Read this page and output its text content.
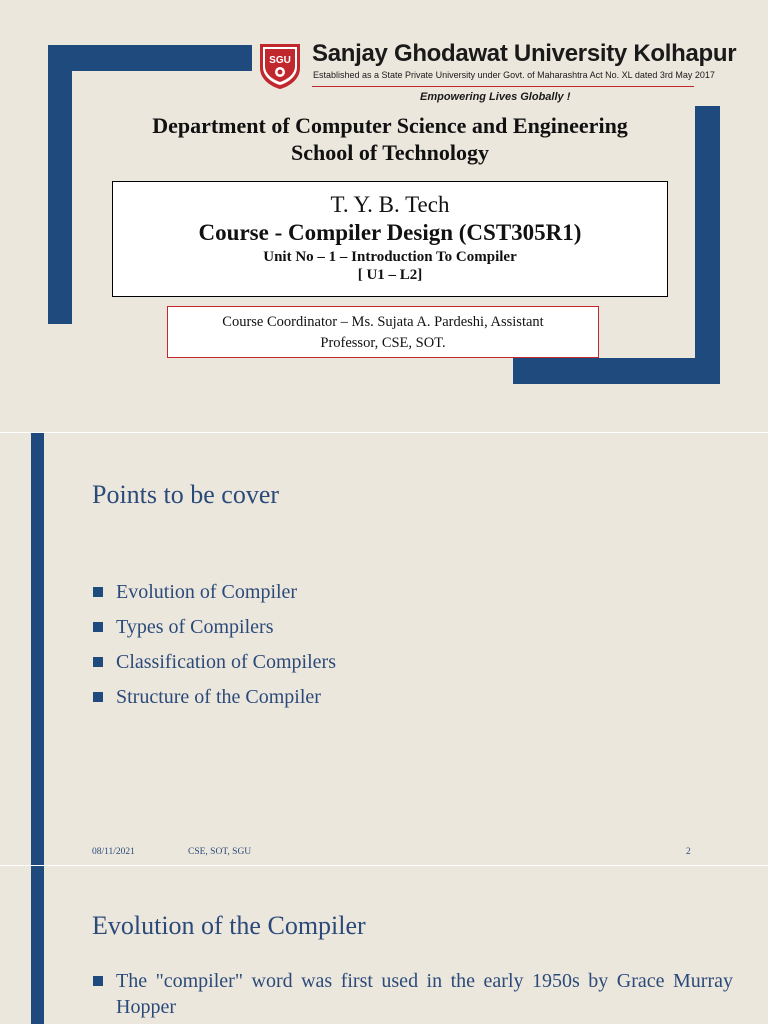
SGU Sanjay Ghodawat University Kolhapur
Established as a State Private University under Govt. of Maharashtra Act No. XL dated 3rd May 2017
Empowering Lives Globally !
Department of Computer Science and Engineering
School of Technology
T. Y. B. Tech
Course - Compiler Design (CST305R1)
Unit No – 1 – Introduction To Compiler
[ U1 – L2]
Course Coordinator – Ms. Sujata A. Pardeshi, Assistant
Professor, CSE, SOT.
Points to be cover
Evolution of Compiler
Types of Compilers
Classification of Compilers
Structure of the Compiler
08/11/2021	CSE, SOT, SGU	2
Evolution of the Compiler
The "compiler" word was first used in the early 1950s by Grace Murray Hopper
